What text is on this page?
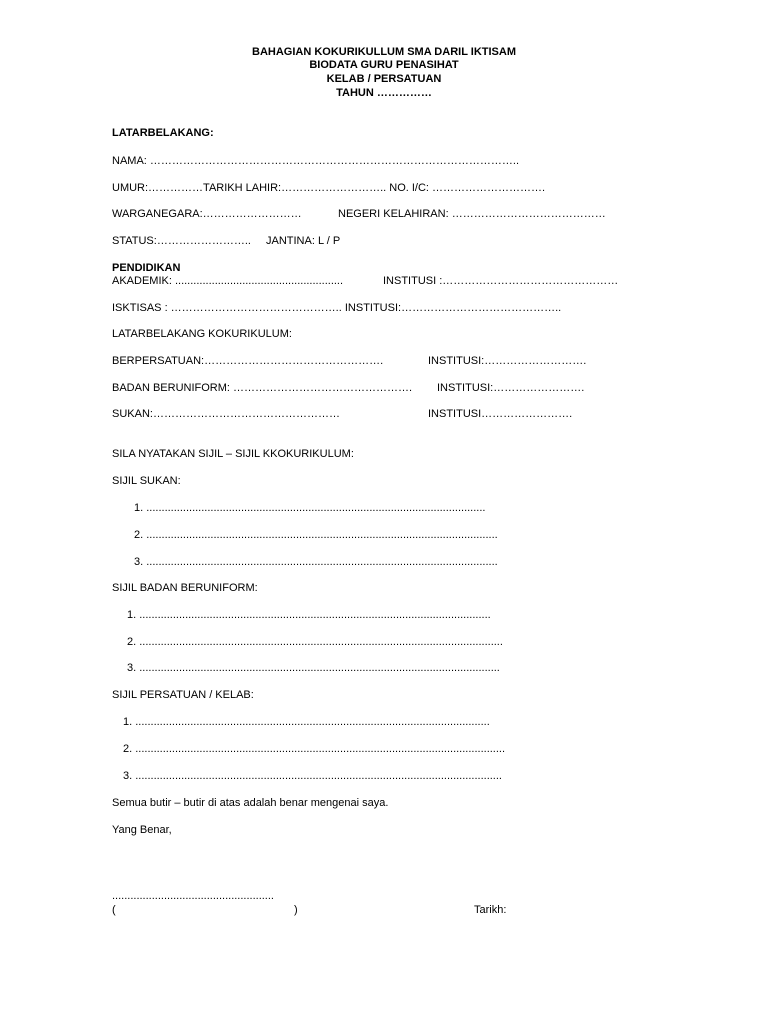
BAHAGIAN KOKURIKULLUM SMA DARIL IKTISAM
BIODATA GURU PENASIHAT
KELAB / PERSATUAN
TAHUN ……………
LATARBELAKANG:
NAMA: ………………………………………………………………………………………..
UMUR:……………TARIKH LAHIR:……………………….. NO. I/C: ………………………….
WARGANEGARA:………………………	NEGERI KELAHIRAN: ……………………………………
STATUS:…………………….. JANTINA: L / P
PENDIDIKAN
AKADEMIK: .......................................................	INSTITUSI :…………………………………………
ISKTISAS : ……………………………………….. INSTITUSI:……………………………………..
LATARBELAKANG KOKURIKULUM:
BERPERSATUAN:………………………………………….	INSTITUSI:……………………….
BADAN BERUNIFORM: …………………………………………. INSTITUSI:…………………….
SUKAN:……………………………………………	INSTITUSI…………………….
SILA NYATAKAN SIJIL – SIJIL KKOKURIKULUM:
SIJIL SUKAN:
1. ...............................................................................................................
2. ...................................................................................................................
3. ...................................................................................................................
SIJIL BADAN BERUNIFORM:
1. ...................................................................................................................
2. .......................................................................................................................
3. ......................................................................................................................
SIJIL PERSATUAN / KELAB:
1. ....................................................................................................................
2. .........................................................................................................................
3. ........................................................................................................................
Semua butir – butir di atas adalah benar mengenai saya.
Yang Benar,
.....................................................
(	)	Tarikh:
